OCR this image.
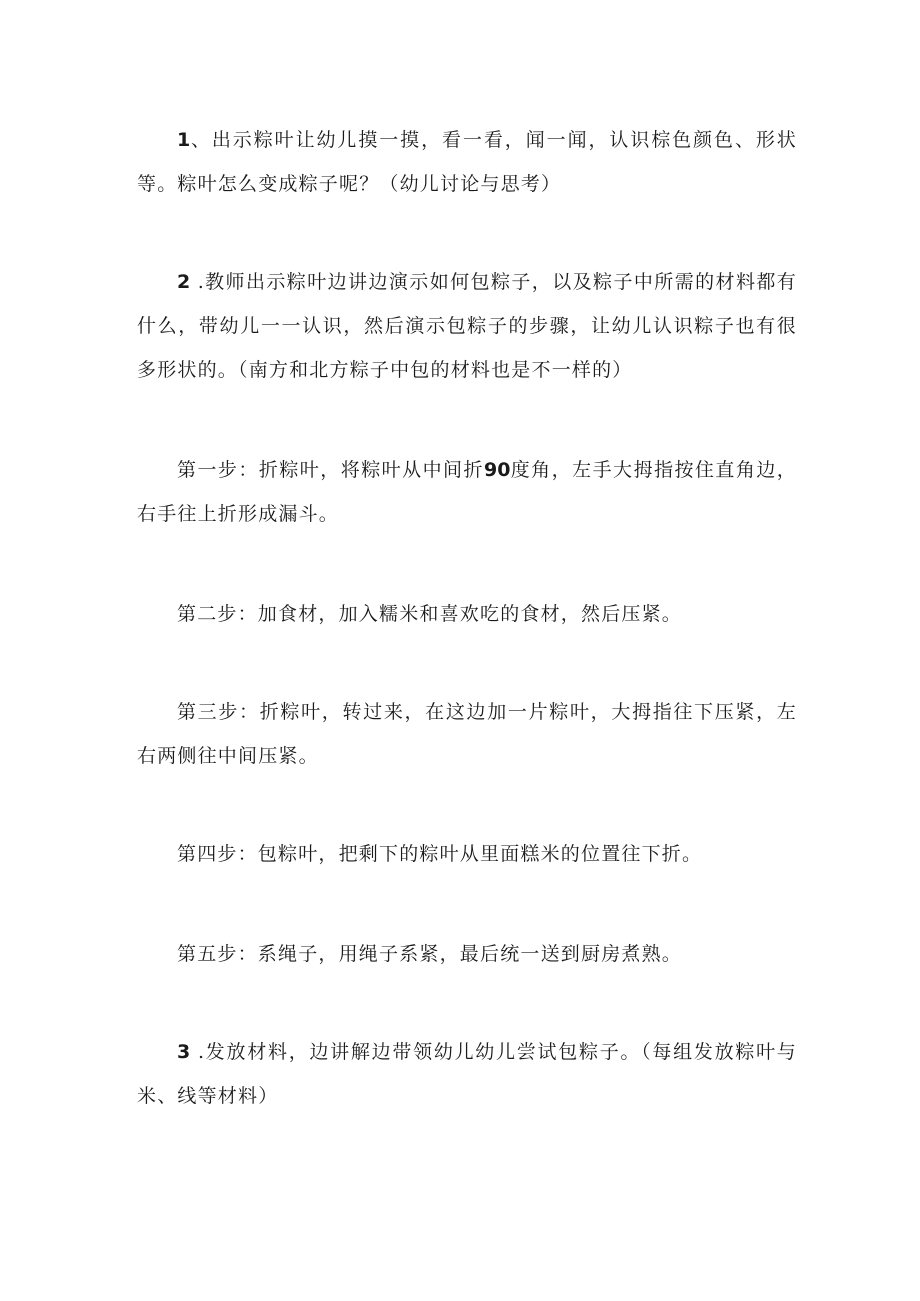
1、出示粽叶让幼儿摸一摸，看一看，闻一闻，认识棕色颜色、形状等。粽叶怎么变成粽子呢？（幼儿讨论与思考）

2 .教师出示粽叶边讲边演示如何包粽子，以及粽子中所需的材料都有什么，带幼儿一一认识，然后演示包粽子的步骤，让幼儿认识粽子也有很多形状的。（南方和北方粽子中包的材料也是不一样的）

第一步：折粽叶，将粽叶从中间折90度角，左手大拇指按住直角边，右手往上折形成漏斗。

第二步：加食材，加入糯米和喜欢吃的食材，然后压紧。

第三步：折粽叶，转过来，在这边加一片粽叶，大拇指往下压紧，左右两侧往中间压紧。

第四步：包粽叶，把剩下的粽叶从里面糕米的位置往下折。

第五步：系绳子，用绳子系紧，最后统一送到厨房煮熟。

3 .发放材料，边讲解边带领幼儿幼儿尝试包粽子。（每组发放粽叶与米、线等材料）
